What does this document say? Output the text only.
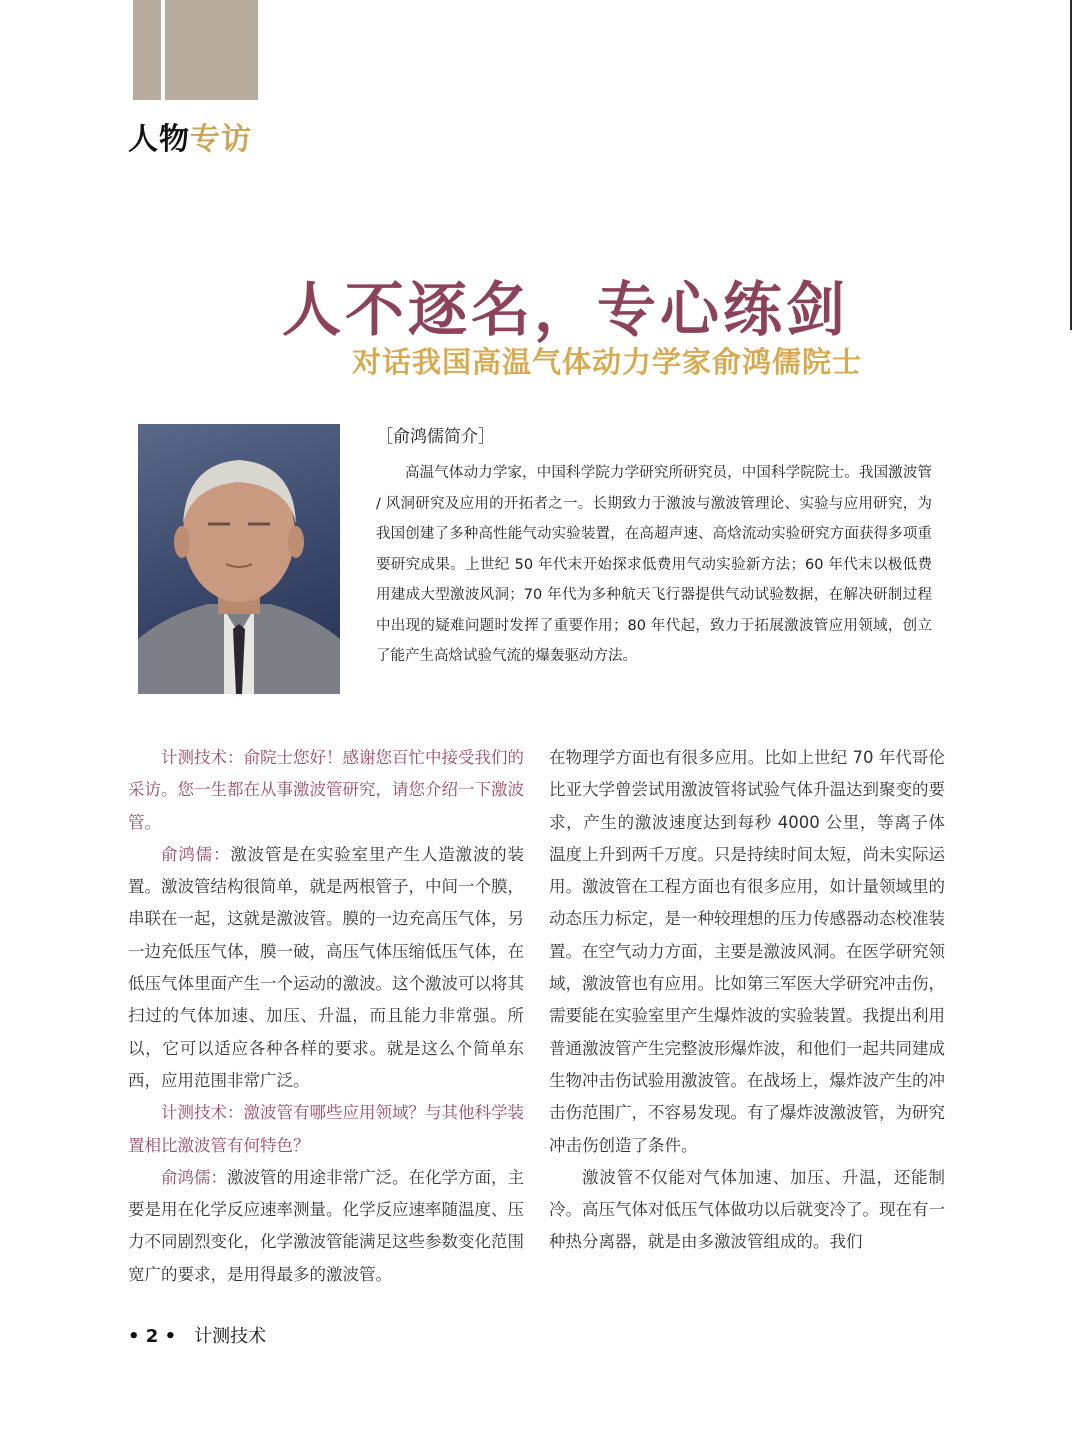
人物专访
人不逐名，专心练剑
对话我国高温气体动力学家俞鸿儒院士
［俞鸿儒简介］
高温气体动力学家，中国科学院力学研究所研究员，中国科学院院士。我国激波管 / 风洞研究及应用的开拓者之一。长期致力于激波与激波管理论、实验与应用研究，为我国创建了多种高性能气动实验装置，在高超声速、高焓流动实验研究方面获得多项重要研究成果。上世纪 50 年代末开始探求低费用气动实验新方法；60 年代末以极低费用建成大型激波风洞；70 年代为多种航天飞行器提供气动试验数据，在解决研制过程中出现的疑难问题时发挥了重要作用；80 年代起，致力于拓展激波管应用领域，创立了能产生高焓试验气流的爆轰驱动方法。

计测技术：俞院士您好！感谢您百忙中接受我们的采访。您一生都在从事激波管研究，请您介绍一下激波管。

俞鸿儒：激波管是在实验室里产生人造激波的装置。激波管结构很简单，就是两根管子，中间一个膜，串联在一起，这就是激波管。膜的一边充高压气体，另一边充低压气体，膜一破，高压气体压缩低压气体，在低压气体里面产生一个运动的激波。这个激波可以将其扫过的气体加速、加压、升温，而且能力非常强。所以，它可以适应各种各样的要求。就是这么个简单东西，应用范围非常广泛。

计测技术：激波管有哪些应用领域？与其他科学装置相比激波管有何特色？

俞鸿儒：激波管的用途非常广泛。在化学方面，主要是用在化学反应速率测量。化学反应速率随温度、压力不同剧烈变化，化学激波管能满足这些参数变化范围宽广的要求，是用得最多的激波管。

在物理学方面也有很多应用。比如上世纪 70 年代哥伦比亚大学曾尝试用激波管将试验气体升温达到聚变的要求，产生的激波速度达到每秒 4000 公里，等离子体温度上升到两千万度。只是持续时间太短，尚未实际运用。激波管在工程方面也有很多应用，如计量领域里的动态压力标定，是一种较理想的压力传感器动态校准装置。在空气动力方面，主要是激波风洞。在医学研究领域，激波管也有应用。比如第三军医大学研究冲击伤，需要能在实验室里产生爆炸波的实验装置。我提出利用普通激波管产生完整波形爆炸波，和他们一起共同建成生物冲击伤试验用激波管。在战场上，爆炸波产生的冲击伤范围广，不容易发现。有了爆炸波激波管，为研究冲击伤创造了条件。

激波管不仅能对气体加速、加压、升温，还能制冷。高压气体对低压气体做功以后就变冷了。现在有一种热分离器，就是由多激波管组成的。我们

• 2 • 计测技术
